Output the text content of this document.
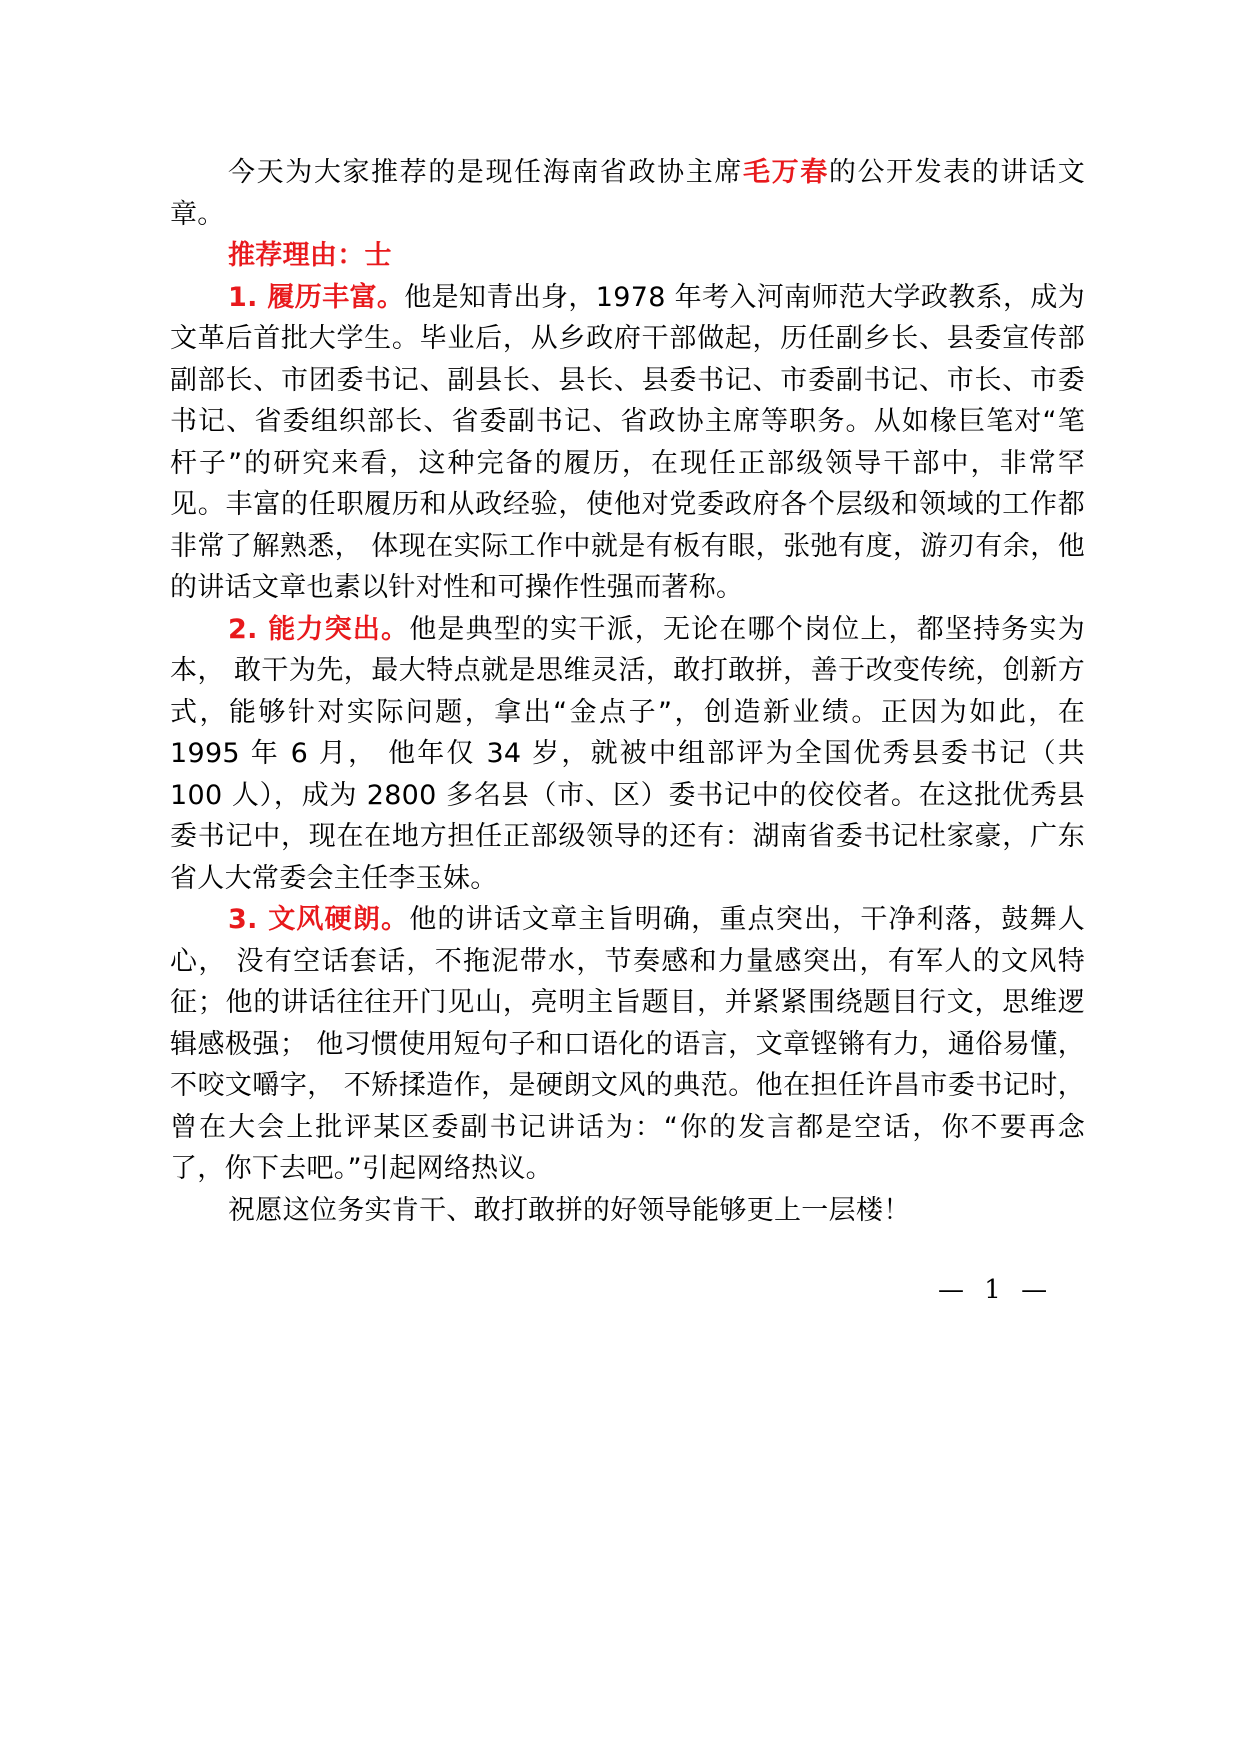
今天为大家推荐的是现任海南省政协主席毛万春的公开发表的讲话文章。

推荐理由：士

1. 履历丰富。他是知青出身，1978 年考入河南师范大学政教系，成为文革后首批大学生。毕业后，从乡政府干部做起，历任副乡长、县委宣传部副部长、市团委书记、副县长、县长、县委书记、市委副书记、市长、市委书记、省委组织部长、省委副书记、省政协主席等职务。从如椽巨笔对“笔杆子”的研究来看，这种完备的履历，在现任正部级领导干部中，非常罕见。丰富的任职履历和从政经验，使他对党委政府各个层级和领域的工作都非常了解熟悉， 体现在实际工作中就是有板有眼，张弛有度，游刃有余，他的讲话文章也素以针对性和可操作性强而著称。

2. 能力突出。他是典型的实干派，无论在哪个岗位上，都坚持务实为本， 敢干为先，最大特点就是思维灵活，敢打敢拼，善于改变传统，创新方式，能够针对实际问题，拿出“金点子”，创造新业绩。正因为如此，在 1995 年 6 月， 他年仅 34 岁，就被中组部评为全国优秀县委书记（共 100 人），成为 2800 多名县（市、区）委书记中的佼佼者。在这批优秀县委书记中，现在在地方担任正部级领导的还有：湖南省委书记杜家豪，广东省人大常委会主任李玉妹。

3. 文风硬朗。他的讲话文章主旨明确，重点突出，干净利落，鼓舞人心， 没有空话套话，不拖泥带水，节奏感和力量感突出，有军人的文风特征；他的讲话往往开门见山，亮明主旨题目，并紧紧围绕题目行文，思维逻辑感极强； 他习惯使用短句子和口语化的语言，文章铿锵有力，通俗易懂，不咬文嚼字， 不矫揉造作，是硬朗文风的典范。他在担任许昌市委书记时，曾在大会上批评某区委副书记讲话为：“你的发言都是空话，你不要再念了，你下去吧。”引起网络热议。

祝愿这位务实肯干、敢打敢拼的好领导能够更上一层楼！

— 1 —
